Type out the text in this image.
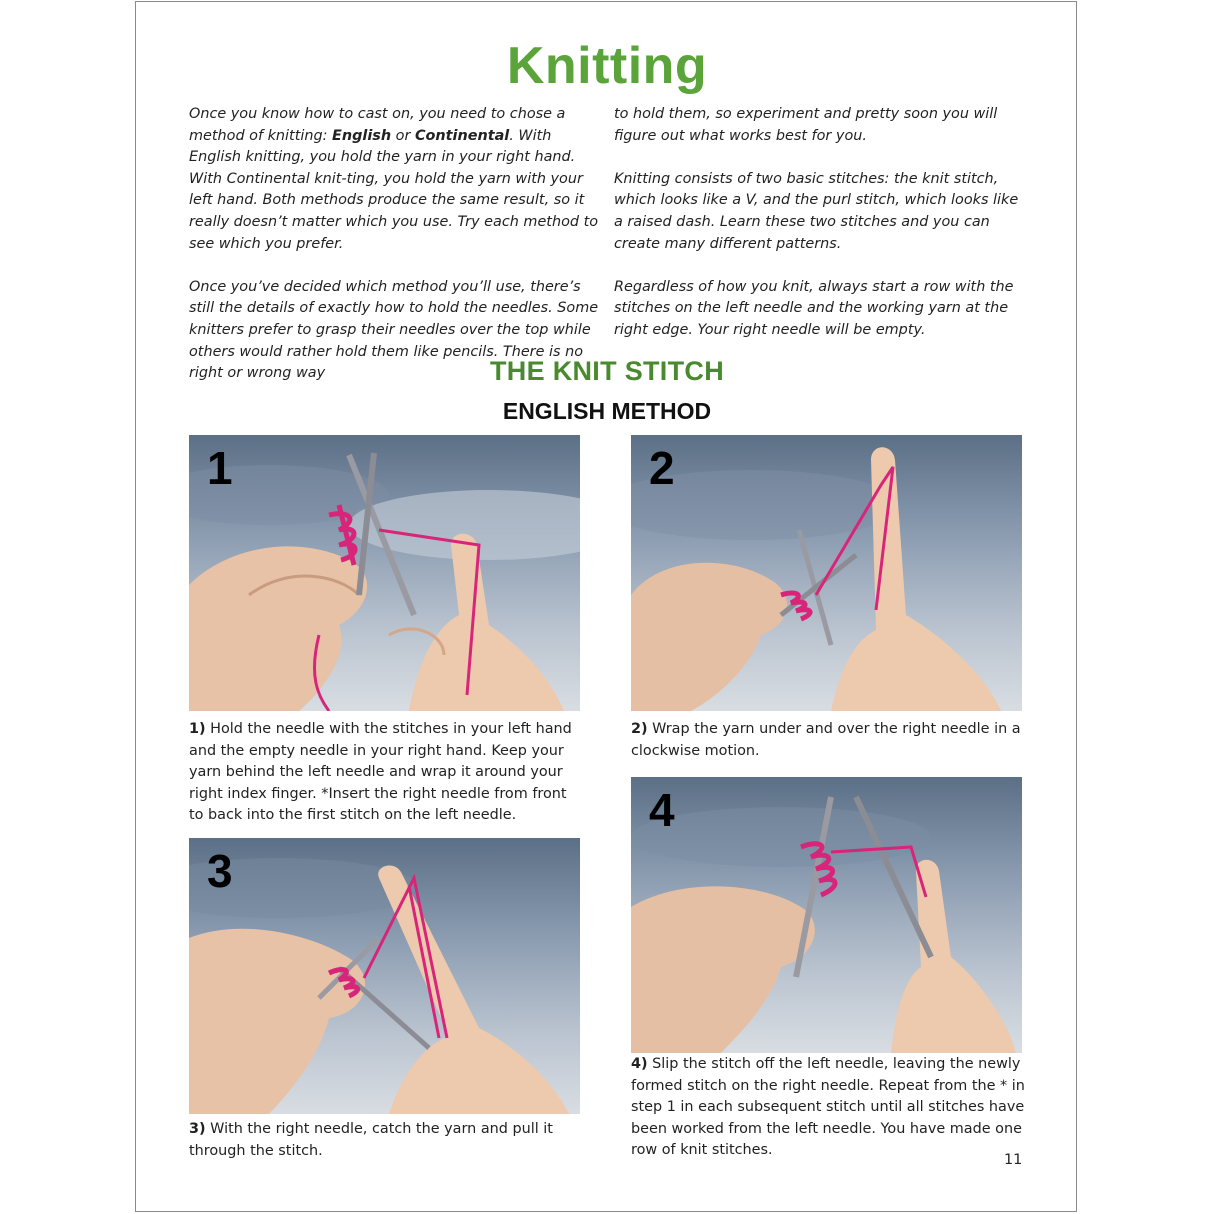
Knitting

Once you know how to cast on, you need to chose a method of knitting: English or Continental. With English knitting, you hold the yarn in your right hand. With Continental knit-ting, you hold the yarn with your left hand. Both methods produce the same result, so it really doesn’t matter which you use. Try each method to see which you prefer.

Once you’ve decided which method you’ll use, there’s still the details of exactly how to hold the needles. Some knitters prefer to grasp their needles over the top while others would rather hold them like pencils. There is no right or wrong way

to hold them, so experiment and pretty soon you will figure out what works best for you.

Knitting consists of two basic stitches: the knit stitch, which looks like a V, and the purl stitch, which looks like a raised dash. Learn these two stitches and you can create many different patterns.

Regardless of how you knit, always start a row with the stitches on the left needle and the working yarn at the right edge. Your right needle will be empty.

THE KNIT STITCH
ENGLISH METHOD
1

1) Hold the needle with the stitches in your left hand and the empty needle in your right hand. Keep your yarn behind the left needle and wrap it around your right index finger. *Insert the right needle from front to back into the first stitch on the left needle.

2

2) Wrap the yarn under and over the right needle in a clockwise motion.

3

3) With the right needle, catch the yarn and pull it through the stitch.

4

4) Slip the stitch off the left needle, leaving the newly formed stitch on the right needle. Repeat from the * in step 1 in each subsequent stitch until all stitches have been worked from the left needle. You have made one row of knit stitches.

11
